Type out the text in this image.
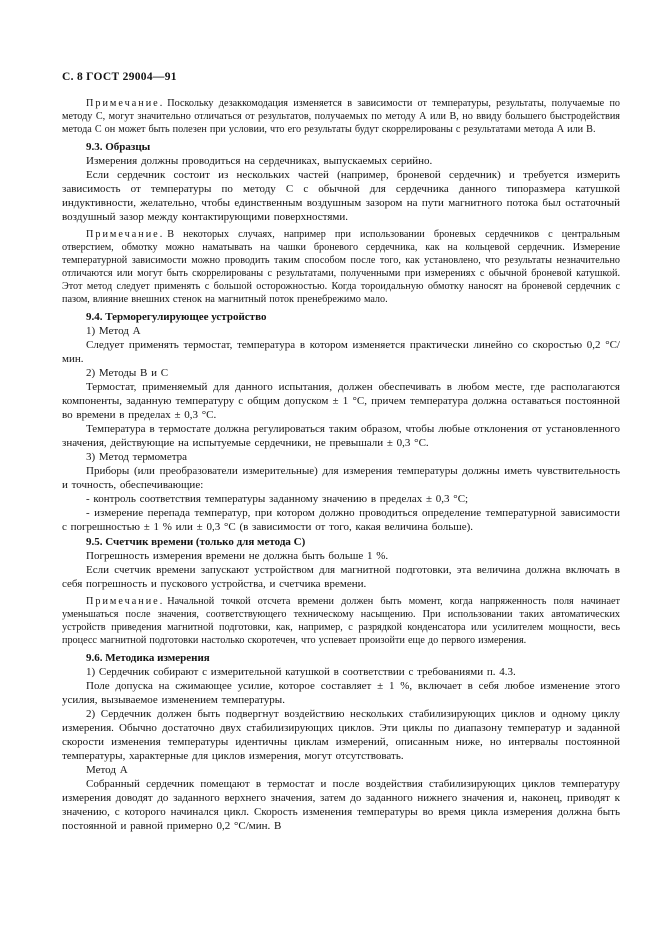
С. 8 ГОСТ 29004—91

Примечание. Поскольку дезаккомодация изменяется в зависимости от температуры, результаты, получаемые по методу С, могут значительно отличаться от результатов, получаемых по методу А или В, но ввиду большего быстродействия метода С он может быть полезен при условии, что его результаты будут скоррелированы с результатами метода А или В.

9.3. Образцы

Измерения должны проводиться на сердечниках, выпускаемых серийно.

Если сердечник состоит из нескольких частей (например, броневой сердечник) и требуется измерить зависимость от температуры по методу С с обычной для сердечника данного типоразмера катушкой индуктивности, желательно, чтобы единственным воздушным зазором на пути магнитного потока был остаточный воздушный зазор между контактирующими поверхностями.

Примечание. В некоторых случаях, например при использовании броневых сердечников с центральным отверстием, обмотку можно наматывать на чашки броневого сердечника, как на кольцевой сердечник. Измерение температурной зависимости можно проводить таким способом после того, как установлено, что результаты незначительно отличаются или могут быть скоррелированы с результатами, полученными при измерениях с обычной броневой катушкой. Этот метод следует применять с большой осторожностью. Когда тороидальную обмотку наносят на броневой сердечник с пазом, влияние внешних стенок на магнитный поток пренебрежимо мало.

9.4. Терморегулирующее устройство

1) Метод А

Следует применять термостат, температура в котором изменяется практически линейно со скоростью 0,2 °С/мин.

2) Методы В и С

Термостат, применяемый для данного испытания, должен обеспечивать в любом месте, где располагаются компоненты, заданную температуру с общим допуском ± 1 °С, причем температура должна оставаться постоянной во времени в пределах ± 0,3 °С.

Температура в термостате должна регулироваться таким образом, чтобы любые отклонения от установленного значения, действующие на испытуемые сердечники, не превышали ± 0,3 °С.

3) Метод термометра

Приборы (или преобразователи измерительные) для измерения температуры должны иметь чувствительность и точность, обеспечивающие:

- контроль соответствия температуры заданному значению в пределах ± 0,3 °С;

- измерение перепада температур, при котором должно проводиться определение температурной зависимости с погрешностью ± 1 % или ± 0,3 °С (в зависимости от того, какая величина больше).

9.5. Счетчик времени (только для метода С)

Погрешность измерения времени не должна быть больше 1 %.

Если счетчик времени запускают устройством для магнитной подготовки, эта величина должна включать в себя погрешность и пускового устройства, и счетчика времени.

Примечание. Начальной точкой отсчета времени должен быть момент, когда напряженность поля начинает уменьшаться после значения, соответствующего техническому насыщению. При использовании таких автоматических устройств приведения магнитной подготовки, как, например, с разрядкой конденсатора или усилителем мощности, весь процесс магнитной подготовки настолько скоротечен, что успевает произойти еще до первого измерения.

9.6. Методика измерения

1) Сердечник собирают с измерительной катушкой в соответствии с требованиями п. 4.3.

Поле допуска на сжимающее усилие, которое составляет ± 1 %, включает в себя любое изменение этого усилия, вызываемое изменением температуры.

2) Сердечник должен быть подвергнут воздействию нескольких стабилизирующих циклов и одному циклу измерения. Обычно достаточно двух стабилизирующих циклов. Эти циклы по диапазону температур и заданной скорости изменения температуры идентичны циклам измерений, описанным ниже, но интервалы постоянной температуры, характерные для циклов измерения, могут отсутствовать.

Метод А

Собранный сердечник помещают в термостат и после воздействия стабилизирующих циклов температуру измерения доводят до заданного верхнего значения, затем до заданного нижнего значения и, наконец, приводят к значению, с которого начинался цикл. Скорость изменения температуры во время цикла измерения должна быть постоянной и равной примерно 0,2 °С/мин. В
